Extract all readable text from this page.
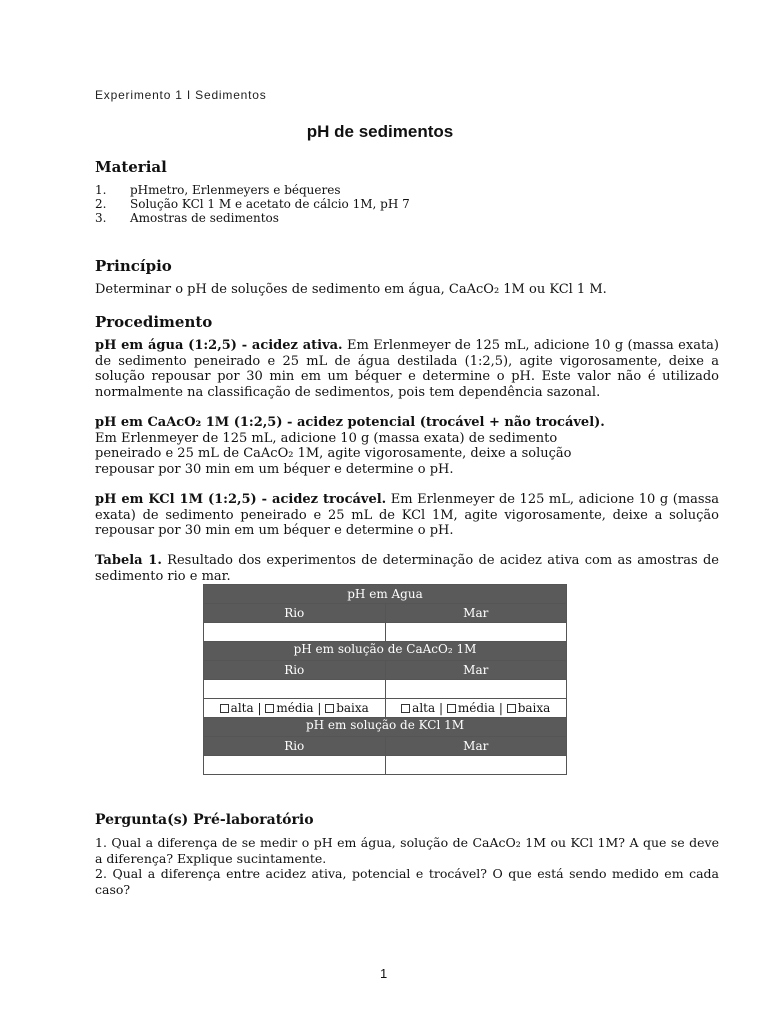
Experimento 1 I Sedimentos
pH de sedimentos
Material
1.	pHmetro, Erlenmeyers e béqueres
2.	Solução KCl 1 M e acetato de cálcio 1M, pH 7
3.	Amostras de sedimentos
Princípio
Determinar o pH de soluções de sedimento em água, CaAcO₂ 1M ou KCl 1 M.
Procedimento
pH em água (1:2,5) - acidez ativa. Em Erlenmeyer de 125 mL, adicione 10 g (massa exata) de sedimento peneirado e 25 mL de água destilada (1:2,5), agite vigorosamente, deixe a solução repousar por 30 min em um béquer e determine o pH. Este valor não é utilizado normalmente na classificação de sedimentos, pois tem dependência sazonal.
pH em CaAcO₂ 1M (1:2,5) - acidez potencial (trocável + não trocável). Em Erlenmeyer de 125 mL, adicione 10 g (massa exata) de sedimento peneirado e 25 mL de CaAcO₂ 1M, agite vigorosamente, deixe a solução repousar por 30 min em um béquer e determine o pH.
pH em KCl 1M (1:2,5) - acidez trocável. Em Erlenmeyer de 125 mL, adicione 10 g (massa exata) de sedimento peneirado e 25 mL de KCl 1M, agite vigorosamente, deixe a solução repousar por 30 min em um béquer e determine o pH.
Tabela 1. Resultado dos experimentos de determinação de acidez ativa com as amostras de sedimento rio e mar.
pH em Agua	
Rio	Mar

pH em solução de CaAcO₂ 1M	
Rio	Mar

alta | média | baixa	alta | média | baixa
pH em solução de KCl 1M	
Rio	Mar

Pergunta(s) Pré-laboratório
1. Qual a diferença de se medir o pH em água, solução de CaAcO₂ 1M ou KCl 1M? A que se deve a diferença? Explique sucintamente.
2. Qual a diferença entre acidez ativa, potencial e trocável? O que está sendo medido em cada caso?
1
